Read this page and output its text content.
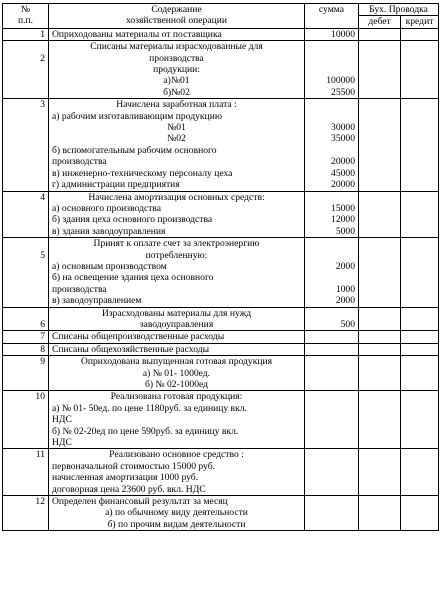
№
п.п.	Содержание
хозяйственной операции	сумма	Бух. Проводка	
			дебет	кредит
1	Оприходованы материалы от поставщика	10000		
	Списаны материалы израсходованные для			
2	производства			
	продукции:			
	а)№01	100000		
	б)№02	25500		
3	Начислена заработная плата :			
	а) рабочим изготавливающим продукцию			
	№01	30000		
	№02	35000		
	б) вспомогательным рабочим основного			
	производства	20000		
	в) инженерно-техническому персоналу цеха	45000		
	г) администрации предприятия	20000		
4	Начислена амортизация основных средств:			
	а) основного производства	15000		
	б) здания цеха основного производства	12000		
	в) здания заводоуправления	5000		
	Принят к оплате счет за электроэнергию			
5	потребленную:			
	а) основным производством	2000		
	б) на освещение здания цеха основного			
	производства	1000		
	в) заводоуправлением	2000		
	Израсходованы материалы для нужд			
6	заводоуправления	500		
7	Списаны общепроизводственные расходы			
8	Списаны общехозяйственные расходы			
9	Оприходована выпущенная готовая продукция			
	а) № 01- 1000ед.			
	б) № 02-1000ед			
10	Реализована готовая продукция:			
	а) № 01- 50ед. по цене 1180руб. за единицу вкл.			
	НДС			
	б) № 02-20ед по цене 590руб. за единицу вкл.			
	НДС			
11	Реализовано основное средство :			
	первоначальной стоимостью 15000 руб.			
	начисленная амортизация 1000 руб.			
	договорная цена 23600 руб. вкл. НДС			
12	Определен финансовый результат за месяц			
	а) по обычному виду деятельности			
	б) по прочим видам деятельности			
